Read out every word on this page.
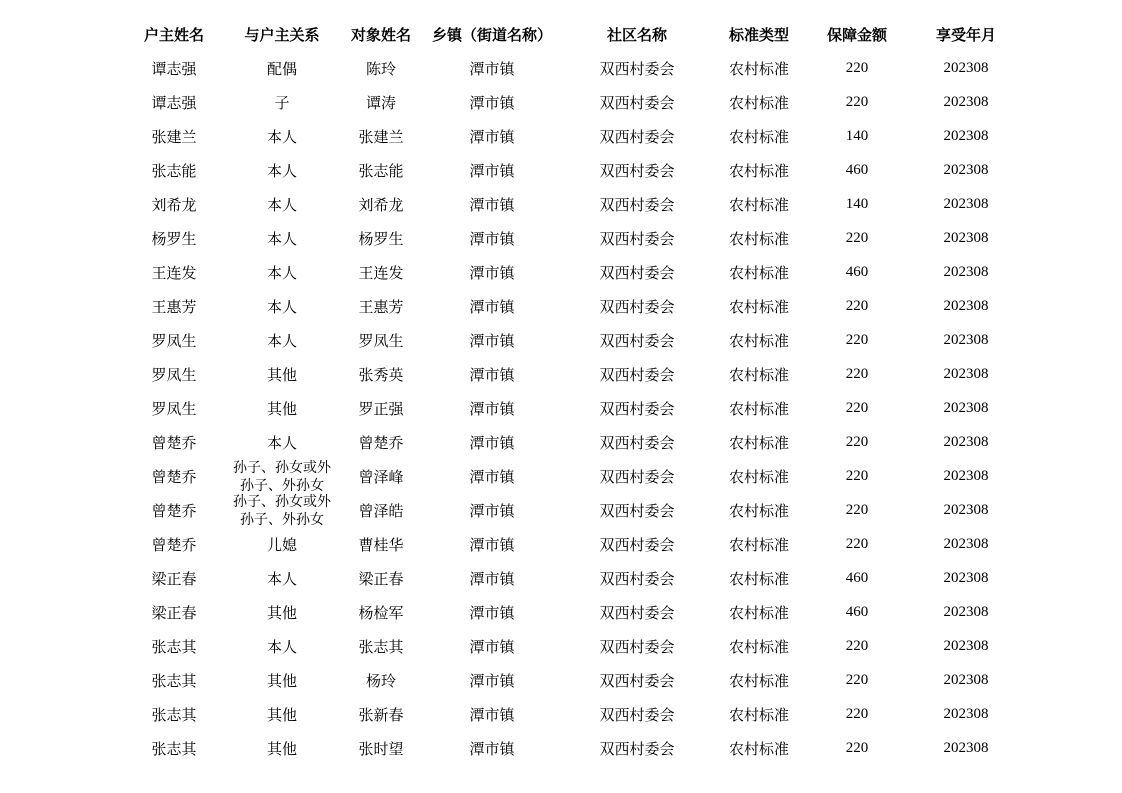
户主姓名	与户主关系	对象姓名	乡镇（街道名称）	社区名称	标准类型	保障金额	享受年月
谭志强	配偶	陈玲	潭市镇	双西村委会	农村标准	220	202308
谭志强	子	谭涛	潭市镇	双西村委会	农村标准	220	202308
张建兰	本人	张建兰	潭市镇	双西村委会	农村标准	140	202308
张志能	本人	张志能	潭市镇	双西村委会	农村标准	460	202308
刘希龙	本人	刘希龙	潭市镇	双西村委会	农村标准	140	202308
杨罗生	本人	杨罗生	潭市镇	双西村委会	农村标准	220	202308
王连发	本人	王连发	潭市镇	双西村委会	农村标准	460	202308
王惠芳	本人	王惠芳	潭市镇	双西村委会	农村标准	220	202308
罗凤生	本人	罗凤生	潭市镇	双西村委会	农村标准	220	202308
罗凤生	其他	张秀英	潭市镇	双西村委会	农村标准	220	202308
罗凤生	其他	罗正强	潭市镇	双西村委会	农村标准	220	202308
曾楚乔	本人	曾楚乔	潭市镇	双西村委会	农村标准	220	202308
曾楚乔	孙子、孙女或外孙子、外孙女	曾泽峰	潭市镇	双西村委会	农村标准	220	202308
曾楚乔	孙子、孙女或外孙子、外孙女	曾泽皓	潭市镇	双西村委会	农村标准	220	202308
曾楚乔	儿媳	曹桂华	潭市镇	双西村委会	农村标准	220	202308
梁正春	本人	梁正春	潭市镇	双西村委会	农村标准	460	202308
梁正春	其他	杨检军	潭市镇	双西村委会	农村标准	460	202308
张志其	本人	张志其	潭市镇	双西村委会	农村标准	220	202308
张志其	其他	杨玲	潭市镇	双西村委会	农村标准	220	202308
张志其	其他	张新春	潭市镇	双西村委会	农村标准	220	202308
张志其	其他	张时望	潭市镇	双西村委会	农村标准	220	202308
